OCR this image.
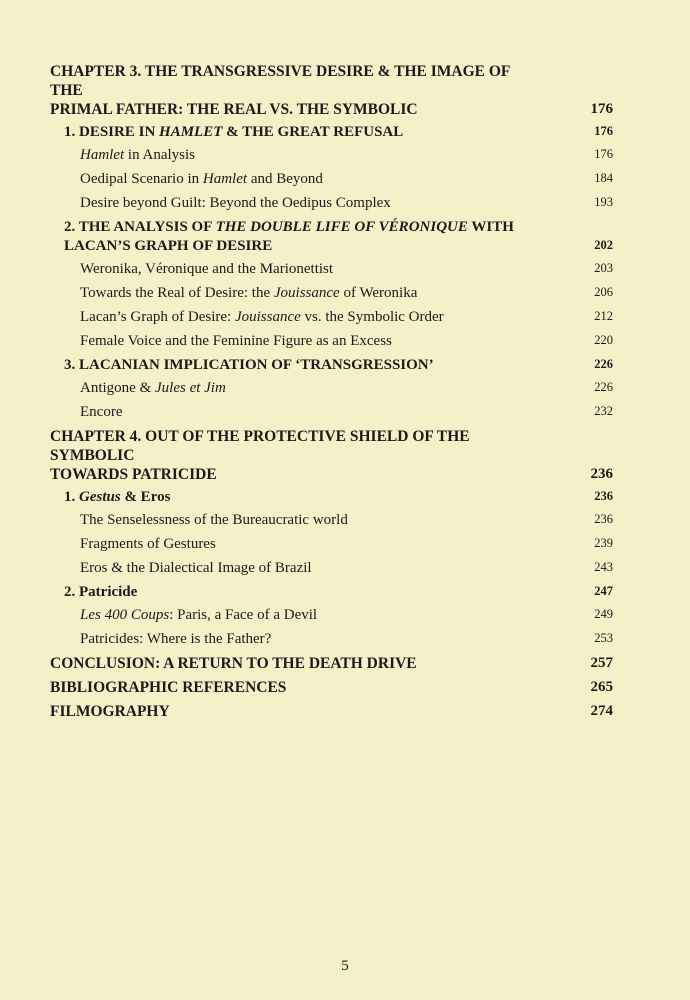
CHAPTER 3. THE TRANSGRESSIVE DESIRE & THE IMAGE OF THE
PRIMAL FATHER: THE REAL VS. THE SYMBOLIC	176
1. DESIRE IN HAMLET & THE GREAT REFUSAL	176
Hamlet in Analysis	176
Oedipal Scenario in Hamlet and Beyond	184
Desire beyond Guilt: Beyond the Oedipus Complex	193
2. THE ANALYSIS OF THE DOUBLE LIFE OF VÉRONIQUE WITH
LACAN’S GRAPH OF DESIRE	202
Weronika, Véronique and the Marionettist	203
Towards the Real of Desire: the Jouissance of Weronika	206
Lacan’s Graph of Desire: Jouissance vs. the Symbolic Order	212
Female Voice and the Feminine Figure as an Excess	220
3. LACANIAN IMPLICATION OF ‘TRANSGRESSION’	226
Antigone & Jules et Jim	226
Encore	232
CHAPTER 4. OUT OF THE PROTECTIVE SHIELD OF THE SYMBOLIC
TOWARDS PATRICIDE	236
1. Gestus & Eros	236
The Senselessness of the Bureaucratic world	236
Fragments of Gestures	239
Eros & the Dialectical Image of Brazil	243
2. Patricide	247
Les 400 Coups: Paris, a Face of a Devil	249
Patricides: Where is the Father?	253
CONCLUSION: A RETURN TO THE DEATH DRIVE	257
BIBLIOGRAPHIC REFERENCES	265
FILMOGRAPHY	274
5
